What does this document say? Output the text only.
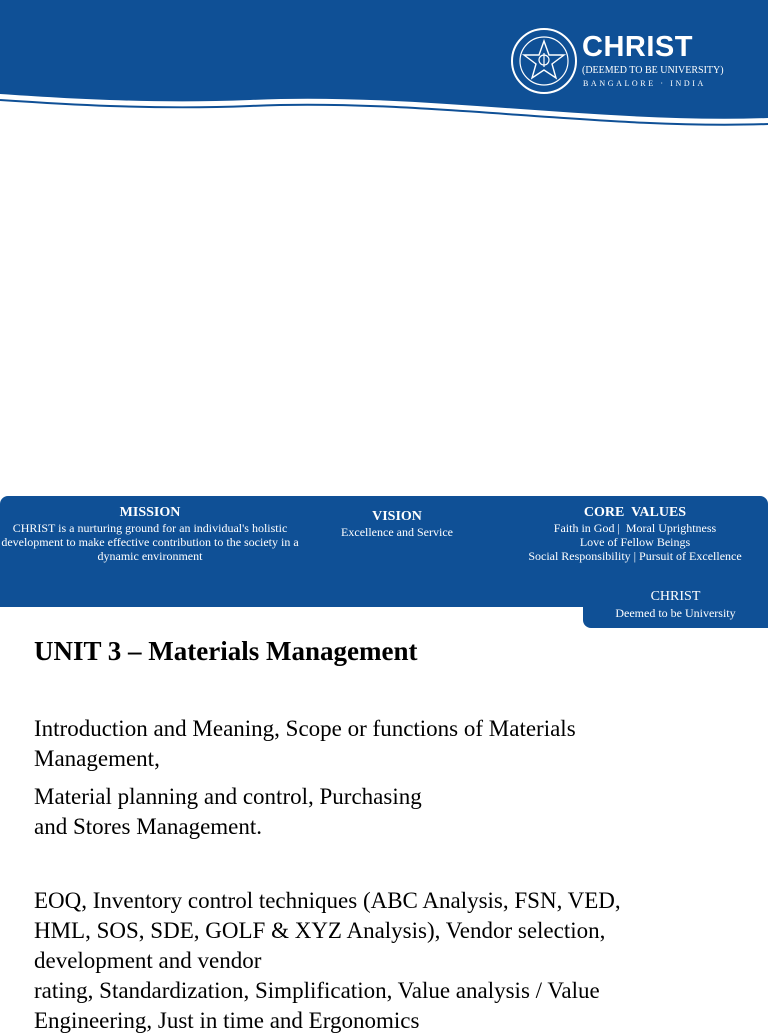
CHRIST
(DEEMED TO BE UNIVERSITY)
BANGALORE · INDIA
MISSION

CHRIST is a nurturing ground for an individual's holistic development to make effective contribution to the society in a dynamic environment

VISION

Excellence and Service

CORE  VALUES

Faith in God |  Moral Uprightness
Love of Fellow Beings
Social Responsibility | Pursuit of Excellence

CHRIST
Deemed to be University
UNIT 3 – Materials Management

Introduction and Meaning, Scope or functions of Materials
Management,

Material planning and control, Purchasing
and Stores Management.

EOQ, Inventory control techniques (ABC Analysis, FSN, VED,
HML, SOS, SDE, GOLF & XYZ Analysis), Vendor selection,
development and vendor
rating, Standardization, Simplification, Value analysis / Value
Engineering, Just in time and Ergonomics
